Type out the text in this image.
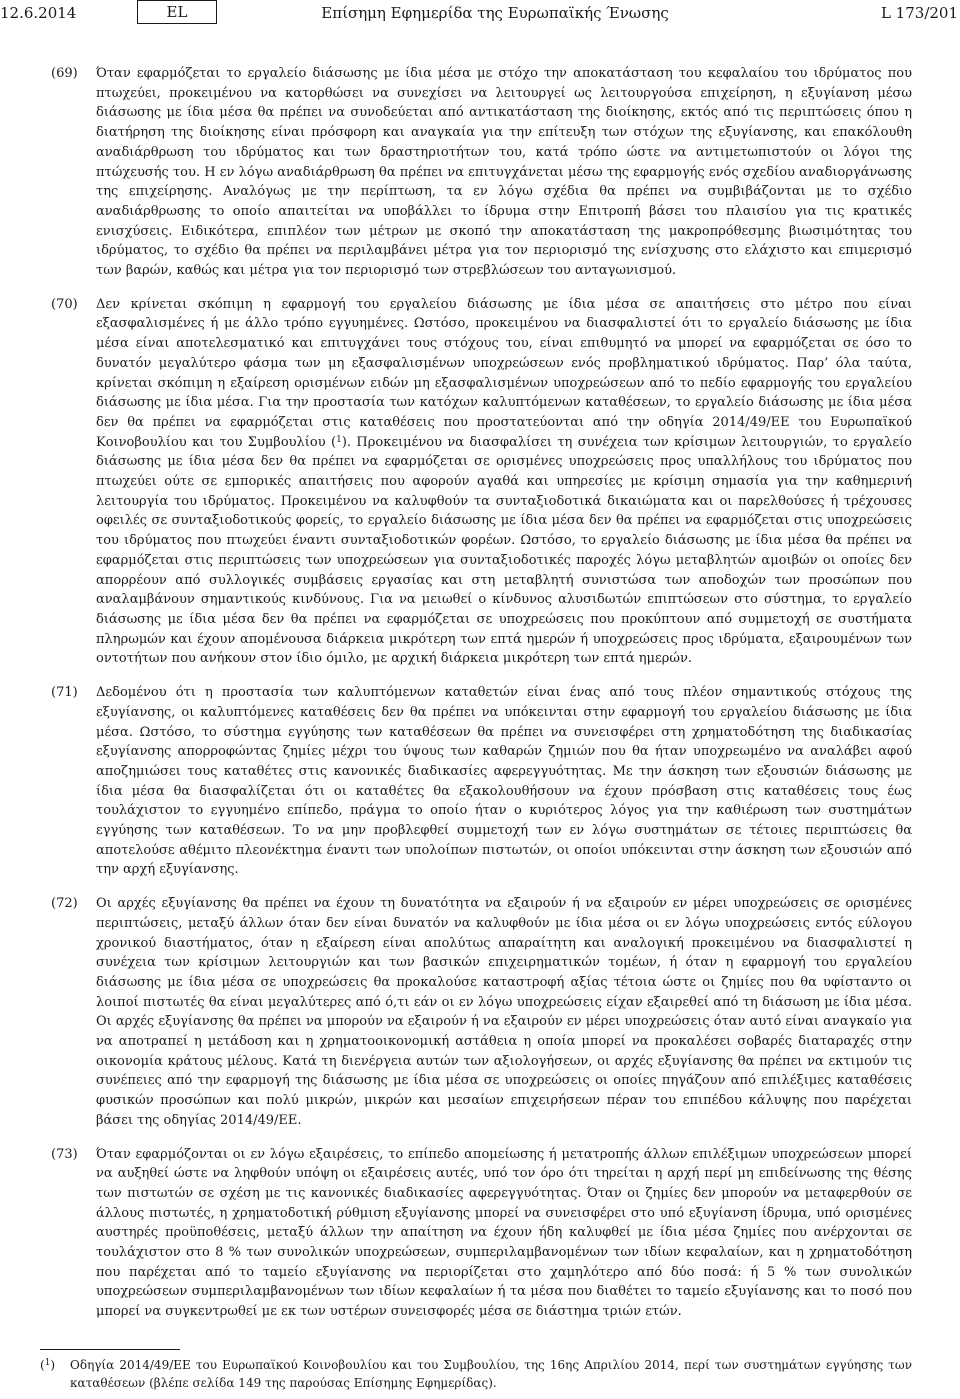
12.6.2014	EL	Επίσημη Εφημερίδα της Ευρωπαϊκής Ένωσης	L 173/201
(69) Όταν εφαρμόζεται το εργαλείο διάσωσης με ίδια μέσα με στόχο την αποκατάσταση του κεφαλαίου του ιδρύματος που πτωχεύει, προκειμένου να κατορθώσει να συνεχίσει να λειτουργεί ως λειτουργούσα επιχείρηση, η εξυγίανση μέσω διάσωσης με ίδια μέσα θα πρέπει να συνοδεύεται από αντικατάσταση της διοίκησης, εκτός από τις περιπτώσεις όπου η διατήρηση της διοίκησης είναι πρόσφορη και αναγκαία για την επίτευξη των στόχων της εξυγίανσης, και επακόλουθη αναδιάρθρωση του ιδρύματος και των δραστηριοτήτων του, κατά τρόπο ώστε να αντιμετωπιστούν οι λόγοι της πτώχευσής του. Η εν λόγω αναδιάρθρωση θα πρέπει να επιτυγχάνεται μέσω της εφαρμογής ενός σχεδίου αναδιοργάνωσης της επιχείρησης. Αναλόγως με την περίπτωση, τα εν λόγω σχέδια θα πρέπει να συμβιβάζονται με το σχέδιο αναδιάρθρωσης το οποίο απαιτείται να υποβάλλει το ίδρυμα στην Επιτροπή βάσει του πλαισίου για τις κρατικές ενισχύσεις. Ειδικότερα, επιπλέον των μέτρων με σκοπό την αποκατάσταση της μακροπρόθεσμης βιωσιμότητας του ιδρύματος, το σχέδιο θα πρέπει να περιλαμβάνει μέτρα για τον περιορισμό της ενίσχυσης στο ελάχιστο και επιμερισμό των βαρών, καθώς και μέτρα για τον περιορισμό των στρεβλώσεων του ανταγωνισμού.
(70) Δεν κρίνεται σκόπιμη η εφαρμογή του εργαλείου διάσωσης με ίδια μέσα σε απαιτήσεις στο μέτρο που είναι εξασφαλισμένες ή με άλλο τρόπο εγγυημένες. Ωστόσο, προκειμένου να διασφαλιστεί ότι το εργαλείο διάσωσης με ίδια μέσα είναι αποτελεσματικό και επιτυγχάνει τους στόχους του, είναι επιθυμητό να μπορεί να εφαρμόζεται σε όσο το δυνατόν μεγαλύτερο φάσμα των μη εξασφαλισμένων υποχρεώσεων ενός προβληματικού ιδρύματος. Παρ’ όλα ταύτα, κρίνεται σκόπιμη η εξαίρεση ορισμένων ειδών μη εξασφαλισμένων υποχρεώσεων από το πεδίο εφαρμογής του εργαλείου διάσωσης με ίδια μέσα. Για την προστασία των κατόχων καλυπτόμενων καταθέσεων, το εργαλείο διάσωσης με ίδια μέσα δεν θα πρέπει να εφαρμόζεται στις καταθέσεις που προστατεύονται από την οδηγία 2014/49/ΕΕ του Ευρωπαϊκού Κοινοβουλίου και του Συμβουλίου ($^1$). Προκειμένου να διασφαλίσει τη συνέχεια των κρίσιμων λειτουργιών, το εργαλείο διάσωσης με ίδια μέσα δεν θα πρέπει να εφαρμόζεται σε ορισμένες υποχρεώσεις προς υπαλλήλους του ιδρύματος που πτωχεύει ούτε σε εμπορικές απαιτήσεις που αφορούν αγαθά και υπηρεσίες με κρίσιμη σημασία για την καθημερινή λειτουργία του ιδρύματος. Προκειμένου να καλυφθούν τα συνταξιοδοτικά δικαιώματα και οι παρελθούσες ή τρέχουσες οφειλές σε συνταξιοδοτικούς φορείς, το εργαλείο διάσωσης με ίδια μέσα δεν θα πρέπει να εφαρμόζεται στις υποχρεώσεις του ιδρύματος που πτωχεύει έναντι συνταξιοδοτικών φορέων. Ωστόσο, το εργαλείο διάσωσης με ίδια μέσα θα πρέπει να εφαρμόζεται στις περιπτώσεις των υποχρεώσεων για συνταξιοδοτικές παροχές λόγω μεταβλητών αμοιβών οι οποίες δεν απορρέουν από συλλογικές συμβάσεις εργασίας και στη μεταβλητή συνιστώσα των αποδοχών των προσώπων που αναλαμβάνουν σημαντικούς κινδύνους. Για να μειωθεί ο κίνδυνος αλυσιδωτών επιπτώσεων στο σύστημα, το εργαλείο διάσωσης με ίδια μέσα δεν θα πρέπει να εφαρμόζεται σε υποχρεώσεις που προκύπτουν από συμμετοχή σε συστήματα πληρωμών και έχουν απομένουσα διάρκεια μικρότερη των επτά ημερών ή υποχρεώσεις προς ιδρύματα, εξαιρουμένων των οντοτήτων που ανήκουν στον ίδιο όμιλο, με αρχική διάρκεια μικρότερη των επτά ημερών.
(71) Δεδομένου ότι η προστασία των καλυπτόμενων καταθετών είναι ένας από τους πλέον σημαντικούς στόχους της εξυγίανσης, οι καλυπτόμενες καταθέσεις δεν θα πρέπει να υπόκεινται στην εφαρμογή του εργαλείου διάσωσης με ίδια μέσα. Ωστόσο, το σύστημα εγγύησης των καταθέσεων θα πρέπει να συνεισφέρει στη χρηματοδότηση της διαδικασίας εξυγίανσης απορροφώντας ζημίες μέχρι του ύψους των καθαρών ζημιών που θα ήταν υποχρεωμένο να αναλάβει αφού αποζημιώσει τους καταθέτες στις κανονικές διαδικασίες αφερεγγυότητας. Με την άσκηση των εξουσιών διάσωσης με ίδια μέσα θα διασφαλίζεται ότι οι καταθέτες θα εξακολουθήσουν να έχουν πρόσβαση στις καταθέσεις τους έως τουλάχιστον το εγγυημένο επίπεδο, πράγμα το οποίο ήταν ο κυριότερος λόγος για την καθιέρωση των συστημάτων εγγύησης των καταθέσεων. Το να μην προβλεφθεί συμμετοχή των εν λόγω συστημάτων σε τέτοιες περιπτώσεις θα αποτελούσε αθέμιτο πλεονέκτημα έναντι των υπολοίπων πιστωτών, οι οποίοι υπόκεινται στην άσκηση των εξουσιών από την αρχή εξυγίανσης.
(72) Οι αρχές εξυγίανσης θα πρέπει να έχουν τη δυνατότητα να εξαιρούν ή να εξαιρούν εν μέρει υποχρεώσεις σε ορισμένες περιπτώσεις, μεταξύ άλλων όταν δεν είναι δυνατόν να καλυφθούν με ίδια μέσα οι εν λόγω υποχρεώσεις εντός εύλογου χρονικού διαστήματος, όταν η εξαίρεση είναι απολύτως απαραίτητη και αναλογική προκειμένου να διασφαλιστεί η συνέχεια των κρίσιμων λειτουργιών και των βασικών επιχειρηματικών τομέων, ή όταν η εφαρμογή του εργαλείου διάσωσης με ίδια μέσα σε υποχρεώσεις θα προκαλούσε καταστροφή αξίας τέτοια ώστε οι ζημίες που θα υφίσταντο οι λοιποί πιστωτές θα είναι μεγαλύτερες από ό,τι εάν οι εν λόγω υποχρεώσεις είχαν εξαιρεθεί από τη διάσωση με ίδια μέσα. Οι αρχές εξυγίανσης θα πρέπει να μπορούν να εξαιρούν ή να εξαιρούν εν μέρει υποχρεώσεις όταν αυτό είναι αναγκαίο για να αποτραπεί η μετάδοση και η χρηματοοικονομική αστάθεια η οποία μπορεί να προκαλέσει σοβαρές διαταραχές στην οικονομία κράτους μέλους. Κατά τη διενέργεια αυτών των αξιολογήσεων, οι αρχές εξυγίανσης θα πρέπει να εκτιμούν τις συνέπειες από την εφαρμογή της διάσωσης με ίδια μέσα σε υποχρεώσεις οι οποίες πηγάζουν από επιλέξιμες καταθέσεις φυσικών προσώπων και πολύ μικρών, μικρών και μεσαίων επιχειρήσεων πέραν του επιπέδου κάλυψης που παρέχεται βάσει της οδηγίας 2014/49/ΕΕ.
(73) Όταν εφαρμόζονται οι εν λόγω εξαιρέσεις, το επίπεδο απομείωσης ή μετατροπής άλλων επιλέξιμων υποχρεώσεων μπορεί να αυξηθεί ώστε να ληφθούν υπόψη οι εξαιρέσεις αυτές, υπό τον όρο ότι τηρείται η αρχή περί μη επιδείνωσης της θέσης των πιστωτών σε σχέση με τις κανονικές διαδικασίες αφερεγγυότητας. Όταν οι ζημίες δεν μπορούν να μεταφερθούν σε άλλους πιστωτές, η χρηματοδοτική ρύθμιση εξυγίανσης μπορεί να συνεισφέρει στο υπό εξυγίανση ίδρυμα, υπό ορισμένες αυστηρές προϋποθέσεις, μεταξύ άλλων την απαίτηση να έχουν ήδη καλυφθεί με ίδια μέσα ζημίες που ανέρχονται σε τουλάχιστον στο 8 % των συνολικών υποχρεώσεων, συμπεριλαμβανομένων των ιδίων κεφαλαίων, και η χρηματοδότηση που παρέχεται από το ταμείο εξυγίανσης να περιορίζεται στο χαμηλότερο από δύο ποσά: ή 5 % των συνολικών υποχρεώσεων συμπεριλαμβανομένων των ιδίων κεφαλαίων ή τα μέσα που διαθέτει το ταμείο εξυγίανσης και το ποσό που μπορεί να συγκεντρωθεί με εκ των υστέρων συνεισφορές μέσα σε διάστημα τριών ετών.
($^1$) Οδηγία 2014/49/ΕΕ του Ευρωπαϊκού Κοινοβουλίου και του Συμβουλίου, της 16ης Απριλίου 2014, περί των συστημάτων εγγύησης των καταθέσεων (βλέπε σελίδα 149 της παρούσας Επίσημης Εφημερίδας).
